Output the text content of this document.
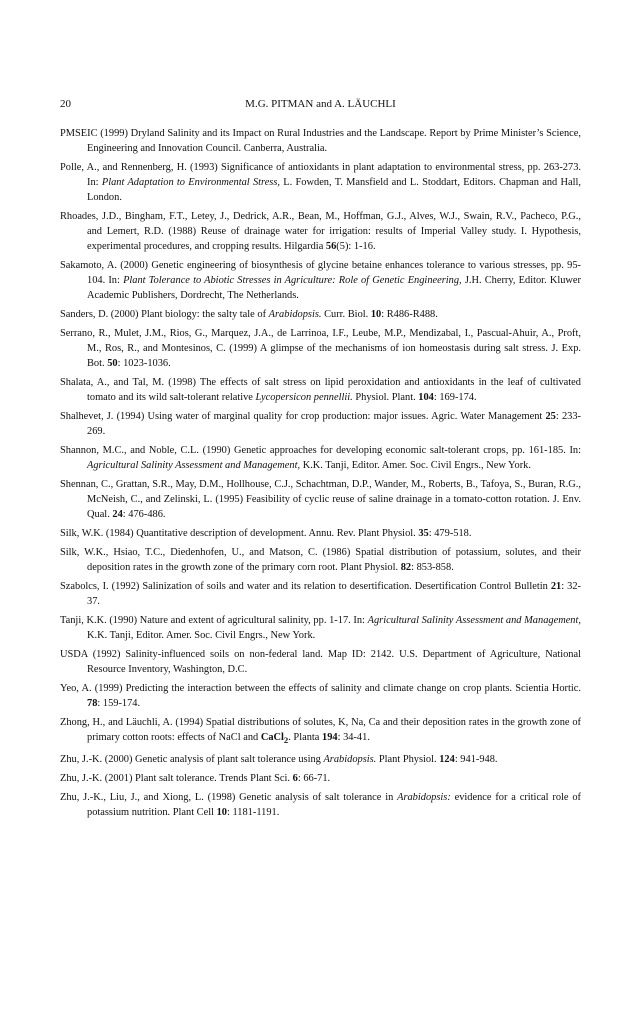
20	M.G. PITMAN and A. LÄUCHLI

PMSEIC (1999) Dryland Salinity and its Impact on Rural Industries and the Landscape. Report by Prime Minister’s Science, Engineering and Innovation Council. Canberra, Australia.

Polle, A., and Rennenberg, H. (1993) Significance of antioxidants in plant adaptation to environmental stress, pp. 263-273. In: Plant Adaptation to Environmental Stress, L. Fowden, T. Mansfield and L. Stoddart, Editors. Chapman and Hall, London.

Rhoades, J.D., Bingham, F.T., Letey, J., Dedrick, A.R., Bean, M., Hoffman, G.J., Alves, W.J., Swain, R.V., Pacheco, P.G., and Lemert, R.D. (1988) Reuse of drainage water for irrigation: results of Imperial Valley study. I. Hypothesis, experimental procedures, and cropping results. Hilgardia 56(5): 1-16.

Sakamoto, A. (2000) Genetic engineering of biosynthesis of glycine betaine enhances tolerance to various stresses, pp. 95-104. In: Plant Tolerance to Abiotic Stresses in Agriculture: Role of Genetic Engineering, J.H. Cherry, Editor. Kluwer Academic Publishers, Dordrecht, The Netherlands.

Sanders, D. (2000) Plant biology: the salty tale of Arabidopsis. Curr. Biol. 10: R486-R488.

Serrano, R., Mulet, J.M., Rios, G., Marquez, J.A., de Larrinoa, I.F., Leube, M.P., Mendizabal, I., Pascual-Ahuir, A., Proft, M., Ros, R., and Montesinos, C. (1999) A glimpse of the mechanisms of ion homeostasis during salt stress. J. Exp. Bot. 50: 1023-1036.

Shalata, A., and Tal, M. (1998) The effects of salt stress on lipid peroxidation and antioxidants in the leaf of cultivated tomato and its wild salt-tolerant relative Lycopersicon pennellii. Physiol. Plant. 104: 169-174.

Shalhevet, J. (1994) Using water of marginal quality for crop production: major issues. Agric. Water Management 25: 233-269.

Shannon, M.C., and Noble, C.L. (1990) Genetic approaches for developing economic salt-tolerant crops, pp. 161-185. In: Agricultural Salinity Assessment and Management, K.K. Tanji, Editor. Amer. Soc. Civil Engrs., New York.

Shennan, C., Grattan, S.R., May, D.M., Hollhouse, C.J., Schachtman, D.P., Wander, M., Roberts, B., Tafoya, S., Buran, R.G., McNeish, C., and Zelinski, L. (1995) Feasibility of cyclic reuse of saline drainage in a tomato-cotton rotation. J. Env. Qual. 24: 476-486.

Silk, W.K. (1984) Quantitative description of development. Annu. Rev. Plant Physiol. 35: 479-518.

Silk, W.K., Hsiao, T.C., Diedenhofen, U., and Matson, C. (1986) Spatial distribution of potassium, solutes, and their deposition rates in the growth zone of the primary corn root. Plant Physiol. 82: 853-858.

Szabolcs, I. (1992) Salinization of soils and water and its relation to desertification. Desertification Control Bulletin 21: 32-37.

Tanji, K.K. (1990) Nature and extent of agricultural salinity, pp. 1-17. In: Agricultural Salinity Assessment and Management, K.K. Tanji, Editor. Amer. Soc. Civil Engrs., New York.

USDA (1992) Salinity-influenced soils on non-federal land. Map ID: 2142. U.S. Department of Agriculture, National Resource Inventory, Washington, D.C.

Yeo, A. (1999) Predicting the interaction between the effects of salinity and climate change on crop plants. Scientia Hortic. 78: 159-174.

Zhong, H., and Läuchli, A. (1994) Spatial distributions of solutes, K, Na, Ca and their deposition rates in the growth zone of primary cotton roots: effects of NaCl and CaCl$_2$. Planta 194: 34-41.

Zhu, J.-K. (2000) Genetic analysis of plant salt tolerance using Arabidopsis. Plant Physiol. 124: 941-948.

Zhu, J.-K. (2001) Plant salt tolerance. Trends Plant Sci. 6: 66-71.

Zhu, J.-K., Liu, J., and Xiong, L. (1998) Genetic analysis of salt tolerance in Arabidopsis: evidence for a critical role of potassium nutrition. Plant Cell 10: 1181-1191.
